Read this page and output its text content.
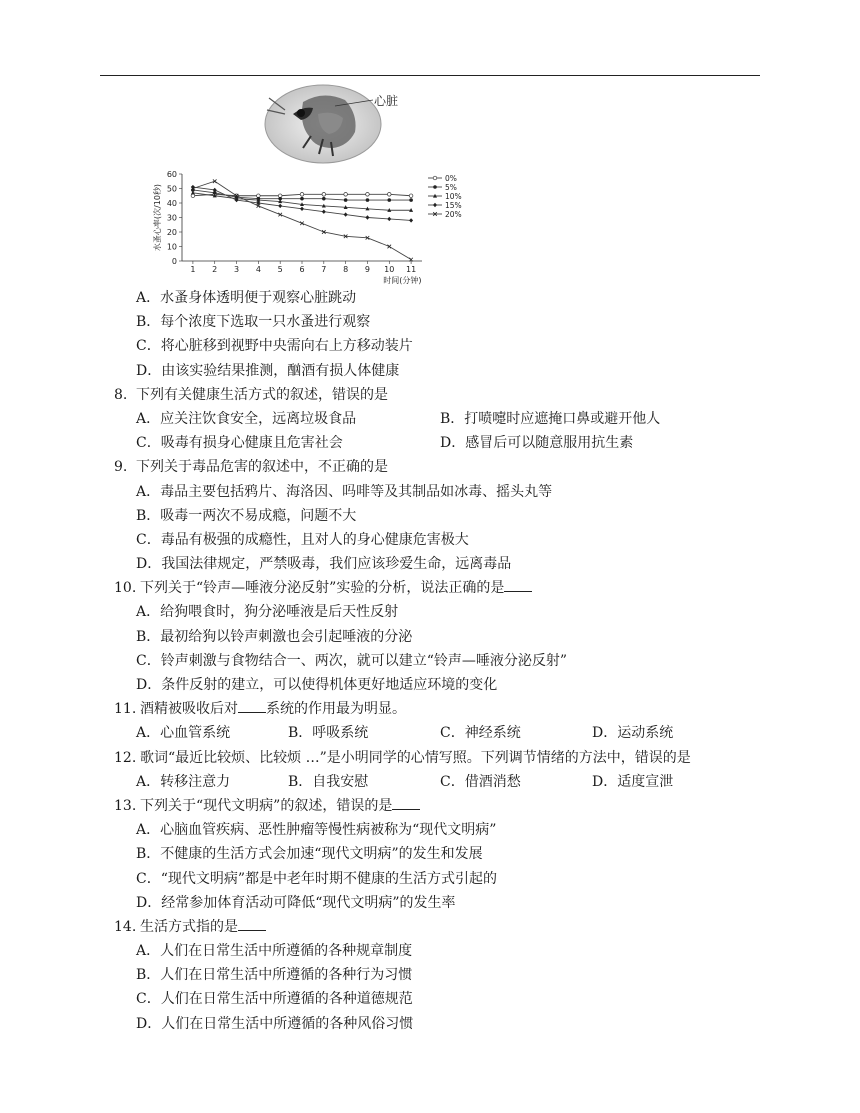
心脏
0
10
20
30
40
50
60
1 2 3 4 5 6 7 8 9 10 11
时间(分钟)
水蚤心率(次/10秒)
0%
5%
10%
15%
20%
A．水蚤身体透明便于观察心脏跳动
B．每个浓度下选取一只水蚤进行观察
C．将心脏移到视野中央需向右上方移动装片
D．由该实验结果推测，酗酒有损人体健康
8. 下列有关健康生活方式的叙述，错误的是
A．应关注饮食安全，远离垃圾食品	B．打喷嚏时应遮掩口鼻或避开他人
C．吸毒有损身心健康且危害社会	D．感冒后可以随意服用抗生素
9. 下列关于毒品危害的叙述中，不正确的是
A．毒品主要包括鸦片、海洛因、吗啡等及其制品如冰毒、摇头丸等
B．吸毒一两次不易成瘾，问题不大
C．毒品有极强的成瘾性，且对人的身心健康危害极大
D．我国法律规定，严禁吸毒，我们应该珍爱生命，远离毒品
10. 下列关于“铃声—唾液分泌反射”实验的分析，说法正确的是
A．给狗喂食时，狗分泌唾液是后天性反射
B．最初给狗以铃声刺激也会引起唾液的分泌
C．铃声刺激与食物结合一、两次，就可以建立“铃声—唾液分泌反射”
D．条件反射的建立，可以使得机体更好地适应环境的变化
11. 酒精被吸收后对 系统的作用最为明显。
A．心血管系统	B．呼吸系统	C．神经系统	D．运动系统
12. 歌词“最近比较烦、比较烦 …”是小明同学的心情写照。下列调节情绪的方法中，错误的是
A．转移注意力	B．自我安慰	C．借酒消愁	D．适度宣泄
13. 下列关于“现代文明病”的叙述，错误的是
A．心脑血管疾病、恶性肿瘤等慢性病被称为“现代文明病”
B．不健康的生活方式会加速“现代文明病”的发生和发展
C．“现代文明病”都是中老年时期不健康的生活方式引起的
D．经常参加体育活动可降低“现代文明病”的发生率
14. 生活方式指的是
A．人们在日常生活中所遵循的各种规章制度
B．人们在日常生活中所遵循的各种行为习惯
C．人们在日常生活中所遵循的各种道德规范
D．人们在日常生活中所遵循的各种风俗习惯
